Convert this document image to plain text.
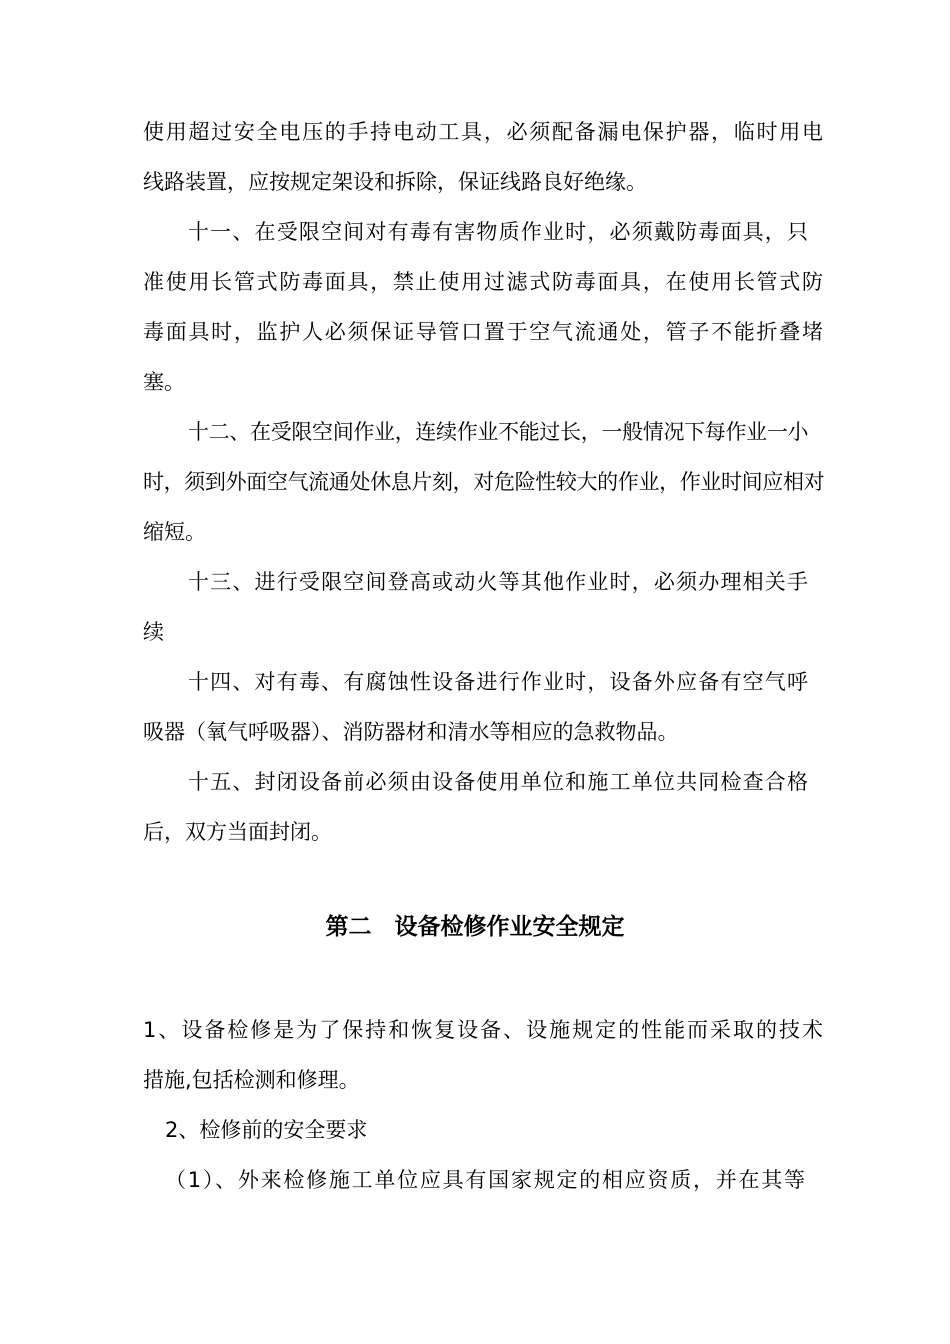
使用超过安全电压的手持电动工具，必须配备漏电保护器，临时用电
线路装置，应按规定架设和拆除，保证线路良好绝缘。
十一、在受限空间对有毒有害物质作业时，必须戴防毒面具，只
准使用长管式防毒面具，禁止使用过滤式防毒面具，在使用长管式防
毒面具时，监护人必须保证导管口置于空气流通处，管子不能折叠堵
塞。
十二、在受限空间作业，连续作业不能过长，一般情况下每作业一小
时，须到外面空气流通处休息片刻，对危险性较大的作业，作业时间应相对
缩短。
十三、进行受限空间登高或动火等其他作业时，必须办理相关手
续
十四、对有毒、有腐蚀性设备进行作业时，设备外应备有空气呼
吸器（氧气呼吸器）、消防器材和清水等相应的急救物品。
十五、封闭设备前必须由设备使用单位和施工单位共同检查合格
后，双方当面封闭。
第二　设备检修作业安全规定
1、设备检修是为了保持和恢复设备、设施规定的性能而采取的技术
措施,包括检测和修理。
2、检修前的安全要求
（1）、外来检修施工单位应具有国家规定的相应资质，并在其等
